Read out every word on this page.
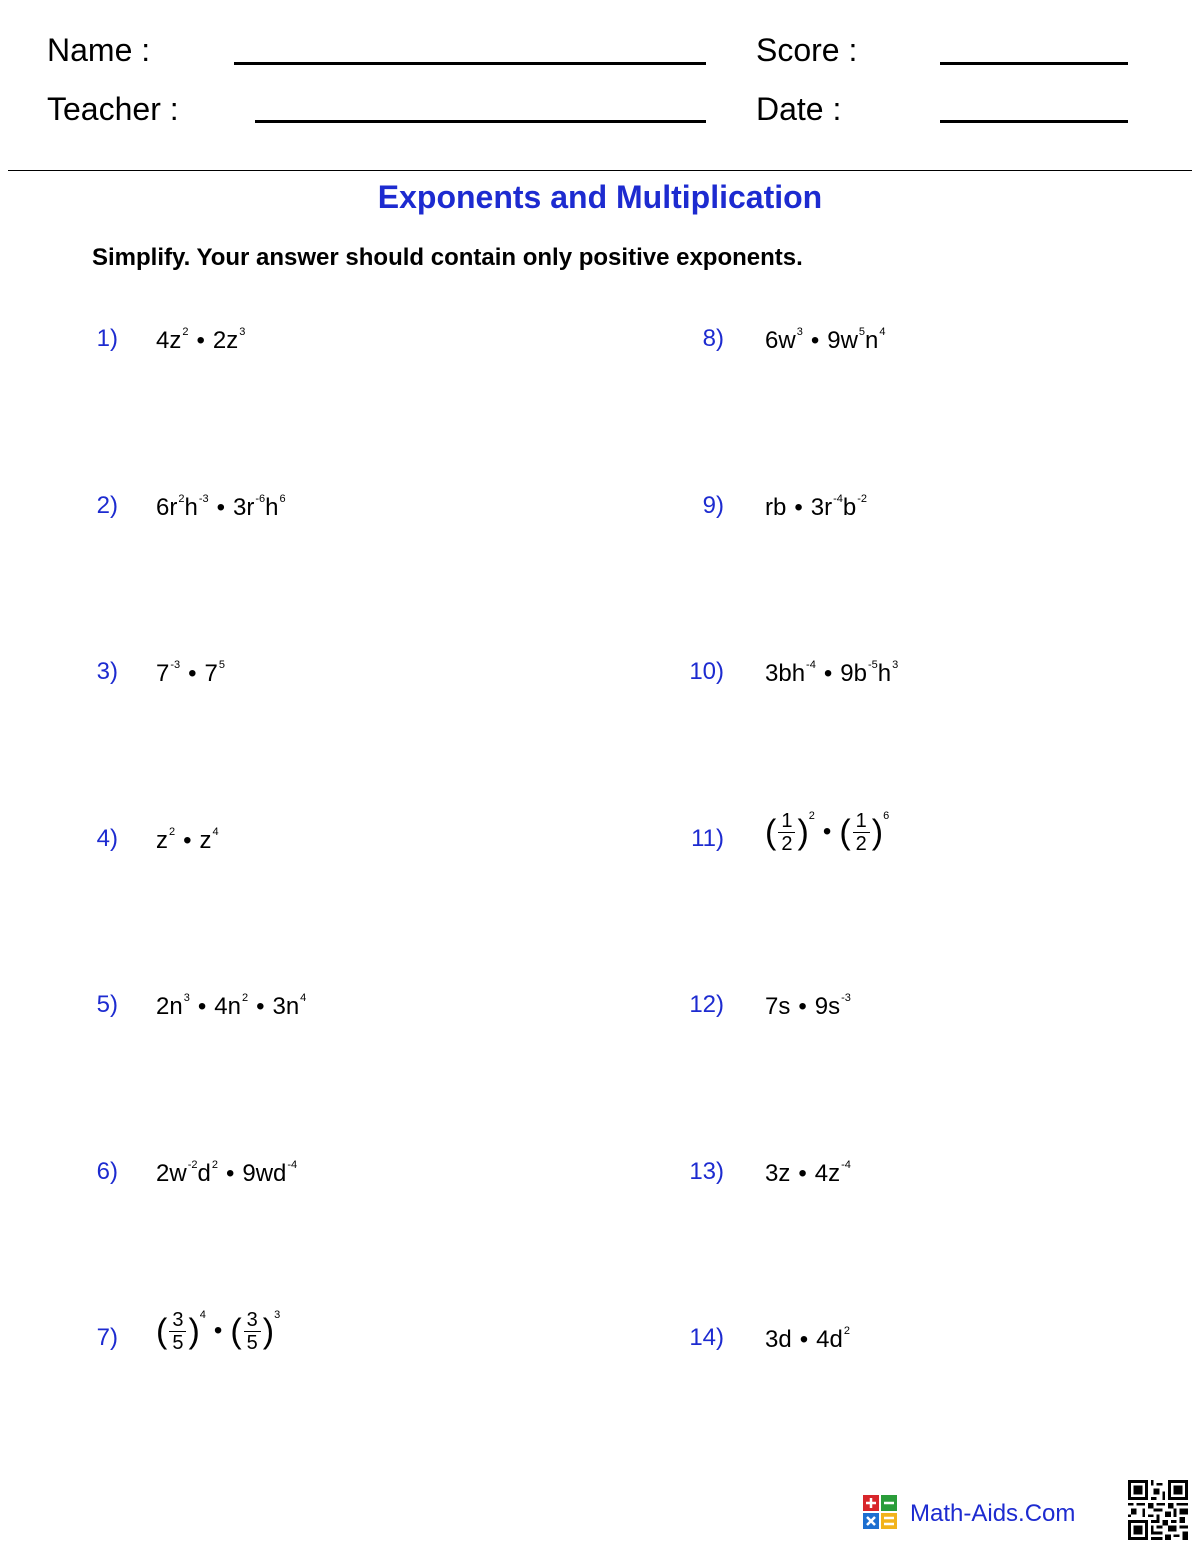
Name :
Teacher :
Score :
Date :
Exponents and Multiplication
Simplify. Your answer should contain only positive exponents.
1) $4z^2$ • $2z^3$
2) $6r^2h^{-3}$ • $3r^{-6}h^6$
3) $7^{-3}$ • $7^5$
4) $z^2$ • $z^4$
5) $2n^3$ • $4n^2$ • $3n^4$
6) $2w^{-2}d^2$ • $9wd^{-4}$
7) ( $\frac{3}{5}$ )$^4$• ( $\frac{3}{5} )^3$
8) $6w^3$ • $9w^5n^4$
9) rb • $3r^{-4}b^{-2}$
10) $3bh^{-4}$ • $9b^{-5}h^3$
11) ( $\frac{1}{2}$ )$^2$• ( $\frac{1}{2} )^6$
12) 7s • $9s^{-3}$
13) 3z • $4z^{-4}$
14) 3d • $4d^2$
Math-Aids.Com
